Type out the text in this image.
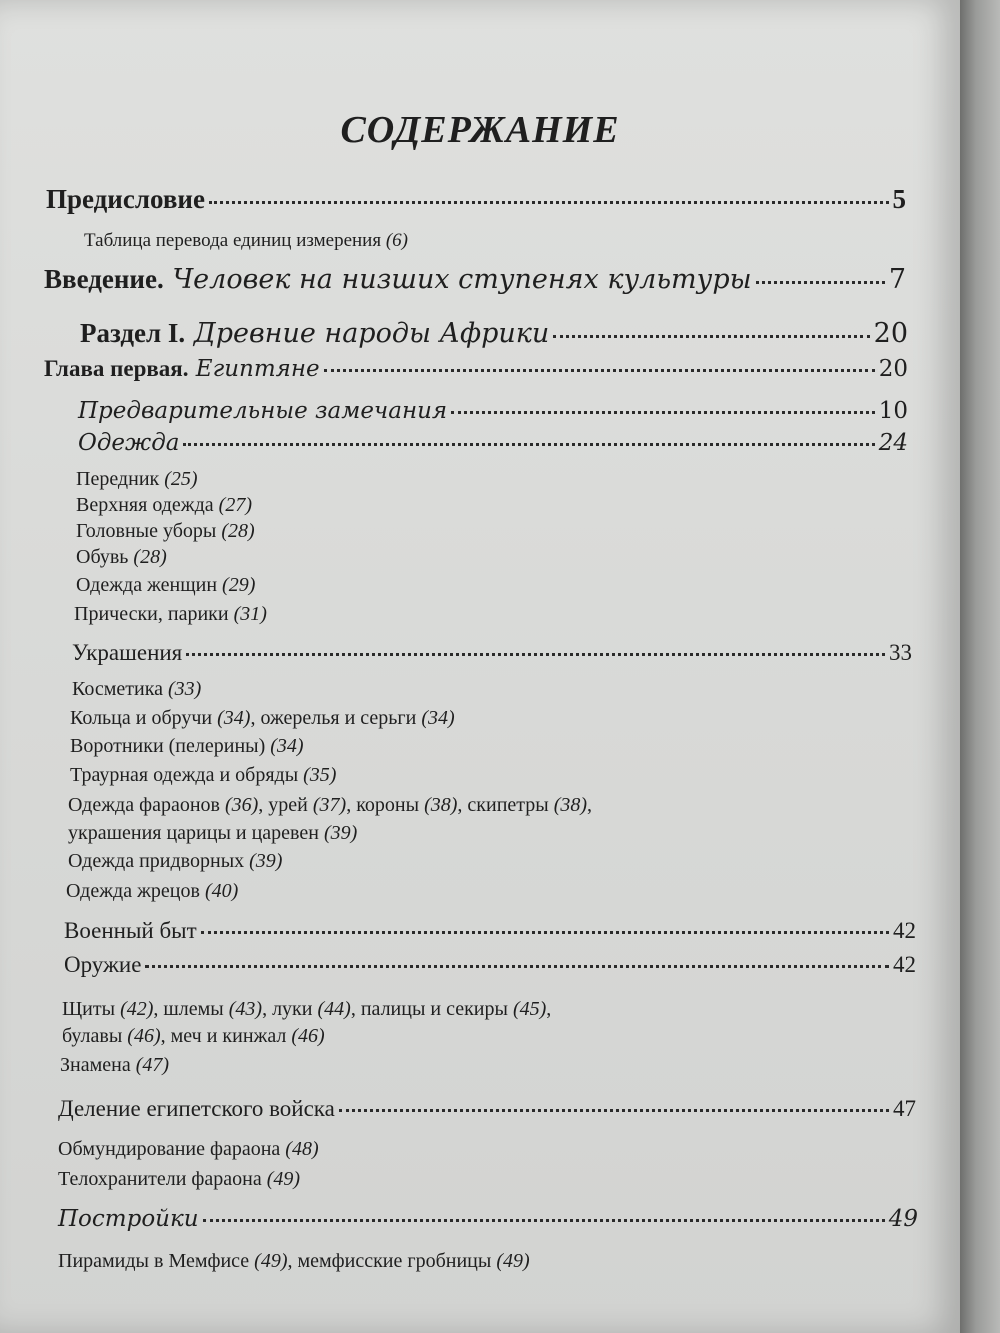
СОДЕРЖАНИЕ
Предисловие	5
Таблица перевода единиц измерения (6)
Введение. Человек на низших ступенях культуры	7
Раздел I. Древние народы Африки	20
Глава первая. Египтяне	20
Предварительные замечания	10
Одежда	24
Передник (25)
Верхняя одежда (27)
Головные уборы (28)
Обувь (28)
Одежда женщин (29)
Прически, парики (31)
Украшения	33
Косметика (33)
Кольца и обручи (34), ожерелья и серьги (34)
Воротники (пелерины) (34)
Траурная одежда и обряды (35)
Одежда фараонов (36), урей (37), короны (38), скипетры (38),
украшения царицы и царевен (39)
Одежда придворных (39)
Одежда жрецов (40)
Военный быт	42
Оружие	42
Щиты (42), шлемы (43), луки (44), палицы и секиры (45),
булавы (46), меч и кинжал (46)
Знамена (47)
Деление египетского войска	47
Обмундирование фараона (48)
Телохранители фараона (49)
Постройки	49
Пирамиды в Мемфисе (49), мемфисские гробницы (49)
